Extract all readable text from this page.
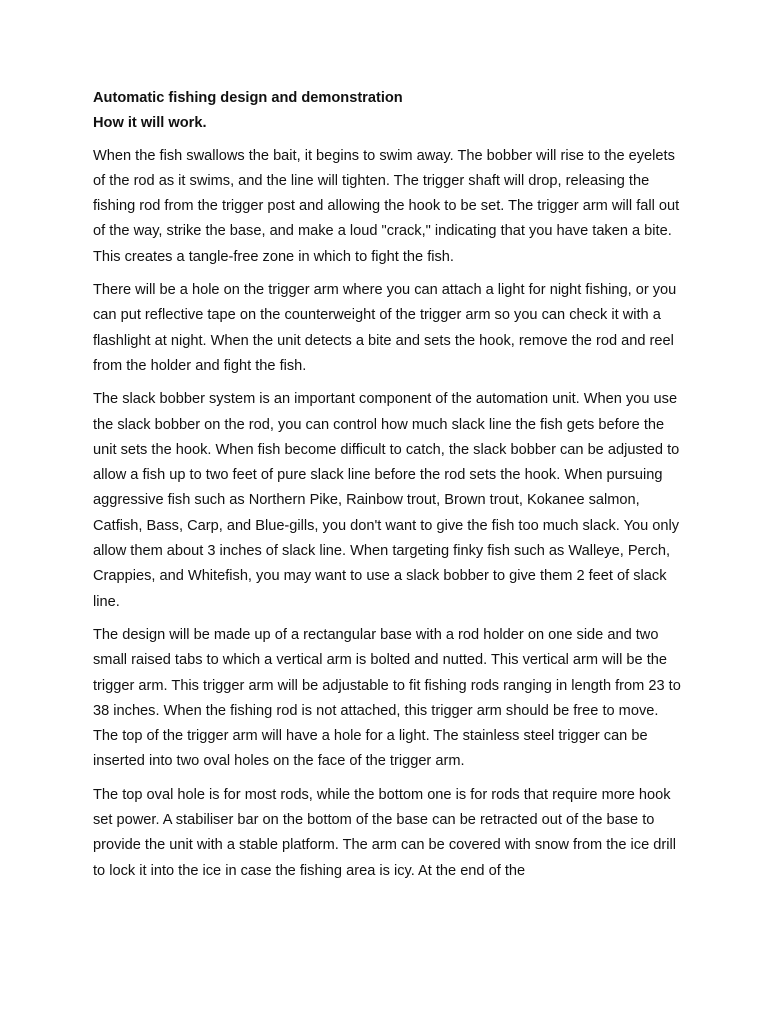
Automatic fishing design and demonstration

How it will work.

When the fish swallows the bait, it begins to swim away. The bobber will rise to the eyelets of the rod as it swims, and the line will tighten. The trigger shaft will drop, releasing the fishing rod from the trigger post and allowing the hook to be set. The trigger arm will fall out of the way, strike the base, and make a loud "crack," indicating that you have taken a bite. This creates a tangle-free zone in which to fight the fish.

There will be a hole on the trigger arm where you can attach a light for night fishing, or you can put reflective tape on the counterweight of the trigger arm so you can check it with a flashlight at night. When the unit detects a bite and sets the hook, remove the rod and reel from the holder and fight the fish.

The slack bobber system is an important component of the automation unit. When you use the slack bobber on the rod, you can control how much slack line the fish gets before the unit sets the hook. When fish become difficult to catch, the slack bobber can be adjusted to allow a fish up to two feet of pure slack line before the rod sets the hook. When pursuing aggressive fish such as Northern Pike, Rainbow trout, Brown trout, Kokanee salmon, Catfish, Bass, Carp, and Blue-gills, you don't want to give the fish too much slack. You only allow them about 3 inches of slack line. When targeting finky fish such as Walleye, Perch, Crappies, and Whitefish, you may want to use a slack bobber to give them 2 feet of slack line.

The design will be made up of a rectangular base with a rod holder on one side and two small raised tabs to which a vertical arm is bolted and nutted. This vertical arm will be the trigger arm. This trigger arm will be adjustable to fit fishing rods ranging in length from 23 to 38 inches. When the fishing rod is not attached, this trigger arm should be free to move. The top of the trigger arm will have a hole for a light. The stainless steel trigger can be inserted into two oval holes on the face of the trigger arm.

The top oval hole is for most rods, while the bottom one is for rods that require more hook set power. A stabiliser bar on the bottom of the base can be retracted out of the base to provide the unit with a stable platform. The arm can be covered with snow from the ice drill to lock it into the ice in case the fishing area is icy. At the end of the
